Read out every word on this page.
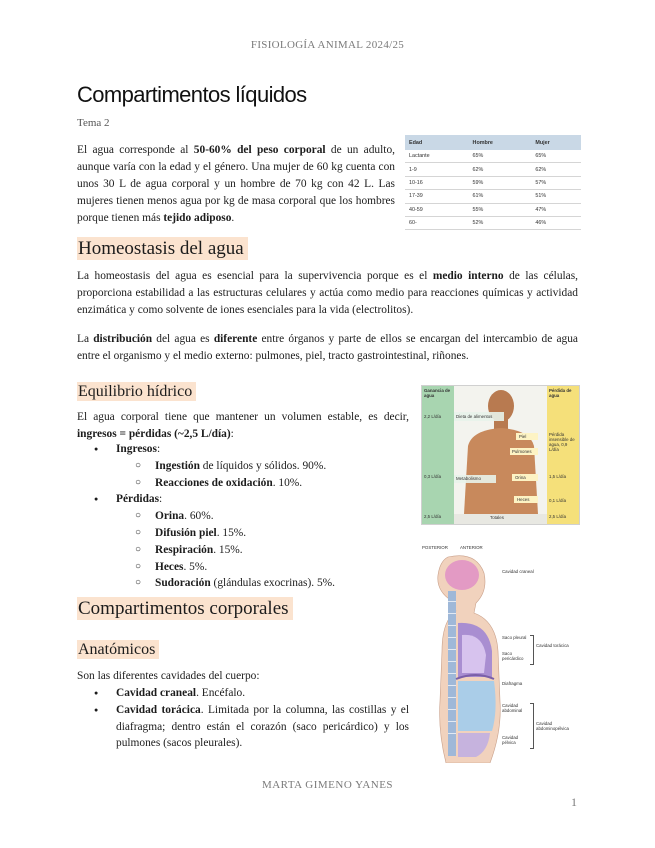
FISIOLOGÍA ANIMAL 2024/25
Compartimentos líquidos
Tema 2

El agua corresponde al 50-60% del peso corporal de un adulto, aunque varía con la edad y el género. Una mujer de 60 kg cuenta con unos 30 L de agua corporal y un hombre de 70 kg con 42 L. Las mujeres tienen menos agua por kg de masa corporal que los hombres porque tienen más tejido adiposo.

Edad	Hombre	Mujer
Lactante	65%	65%
1-9	62%	62%
10-16	59%	57%
17-39	61%	51%
40-59	55%	47%
60-	52%	46%
Homeostasis del agua

La homeostasis del agua es esencial para la supervivencia porque es el medio interno de las células, proporciona estabilidad a las estructuras celulares y actúa como medio para reacciones químicas y actividad enzimática y como solvente de iones esenciales para la vida (electrolitos).

La distribución del agua es diferente entre órganos y parte de ellos se encargan del intercambio de agua entre el organismo y el medio externo: pulmones, piel, tracto gastrointestinal, riñones.

Equilibrio hídrico

El agua corporal tiene que mantener un volumen estable, es decir, ingresos = pérdidas (~2,5 L/día):

● Ingresos:
○ Ingestión de líquidos y sólidos. 90%.
○ Reacciones de oxidación. 10%.
● Pérdidas:
○ Orina. 60%.
○ Difusión piel. 15%.
○ Respiración. 15%.
○ Heces. 5%.
○ Sudoración (glándulas exocrinas). 5%.
Ganancia de agua
Pérdida de agua
2,2 L/día
0,3 L/día
2,5 L/día
Dieta de alimentos
Metabolismo
Piel
Pulmones
Orina
Heces
Pérdida insensible de agua, 0,9 L/día
1,5 L/día
0,1 L/día
2,5 L/día
Totales
POSTERIOR	ANTERIOR
Cavidad craneal
Saco pleural
Saco pericárdico
Diafragma
Cavidad abdominal
Cavidad pélvica
Cavidad torácica
Cavidad abdominopélvica
Compartimentos corporales
Anatómicos

Son las diferentes cavidades del cuerpo:

● Cavidad craneal. Encéfalo.
● Cavidad torácica. Limitada por la columna, las costillas y el diafragma; dentro están el corazón (saco pericárdico) y los pulmones (sacos pleurales).
MARTA GIMENO YANES
1
